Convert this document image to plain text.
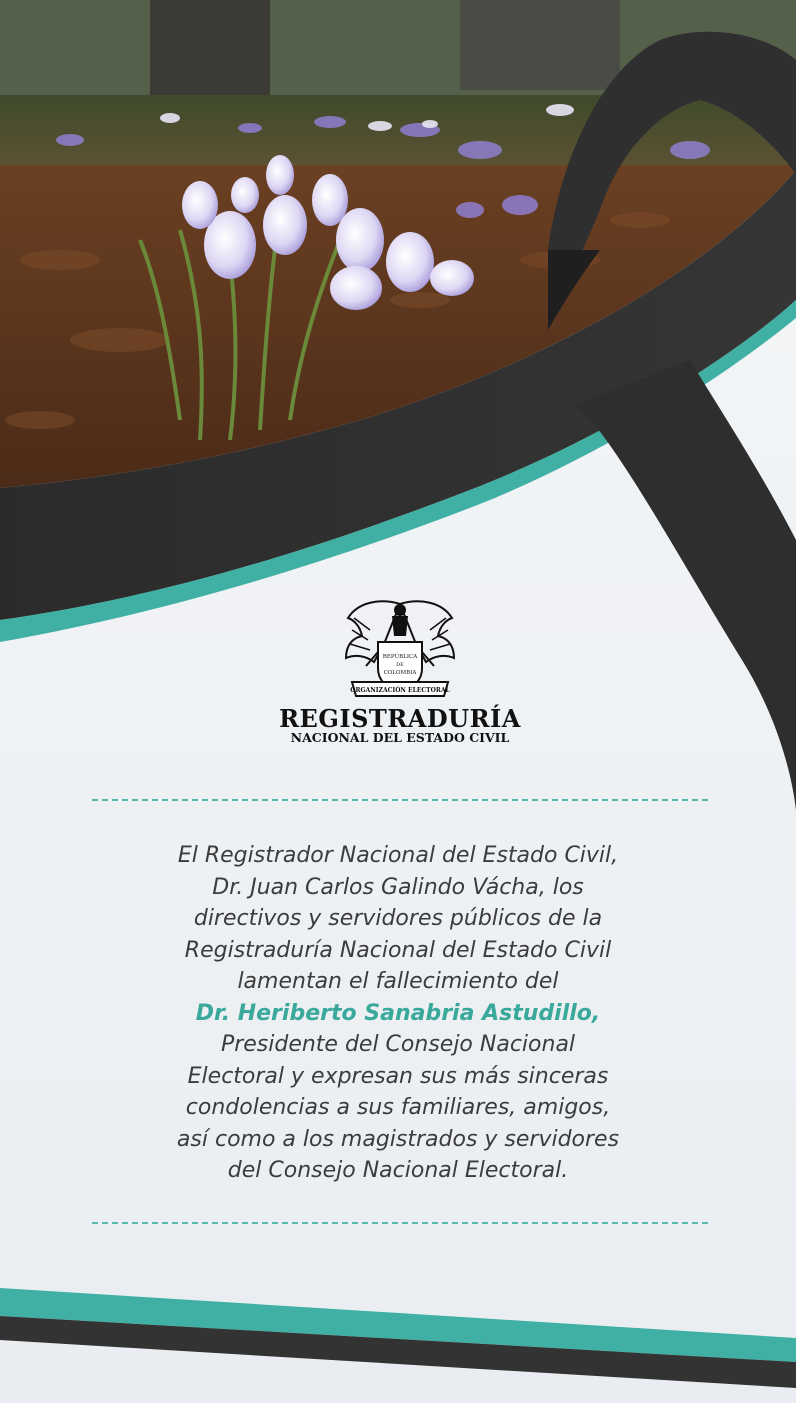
REPÚBLICA
DE
COLOMBIA
ORGANIZACIÓN ELECTORAL
REGISTRADURÍA
NACIONAL DEL ESTADO CIVIL
El Registrador Nacional del Estado Civil,
Dr. Juan Carlos Galindo Vácha, los
directivos y servidores públicos de la
Registraduría Nacional del Estado Civil
lamentan el fallecimiento del
Dr. Heriberto Sanabria Astudillo,
Presidente del Consejo Nacional
Electoral y expresan sus más sinceras
condolencias a sus familiares, amigos,
así como a los magistrados y servidores
del Consejo Nacional Electoral.
